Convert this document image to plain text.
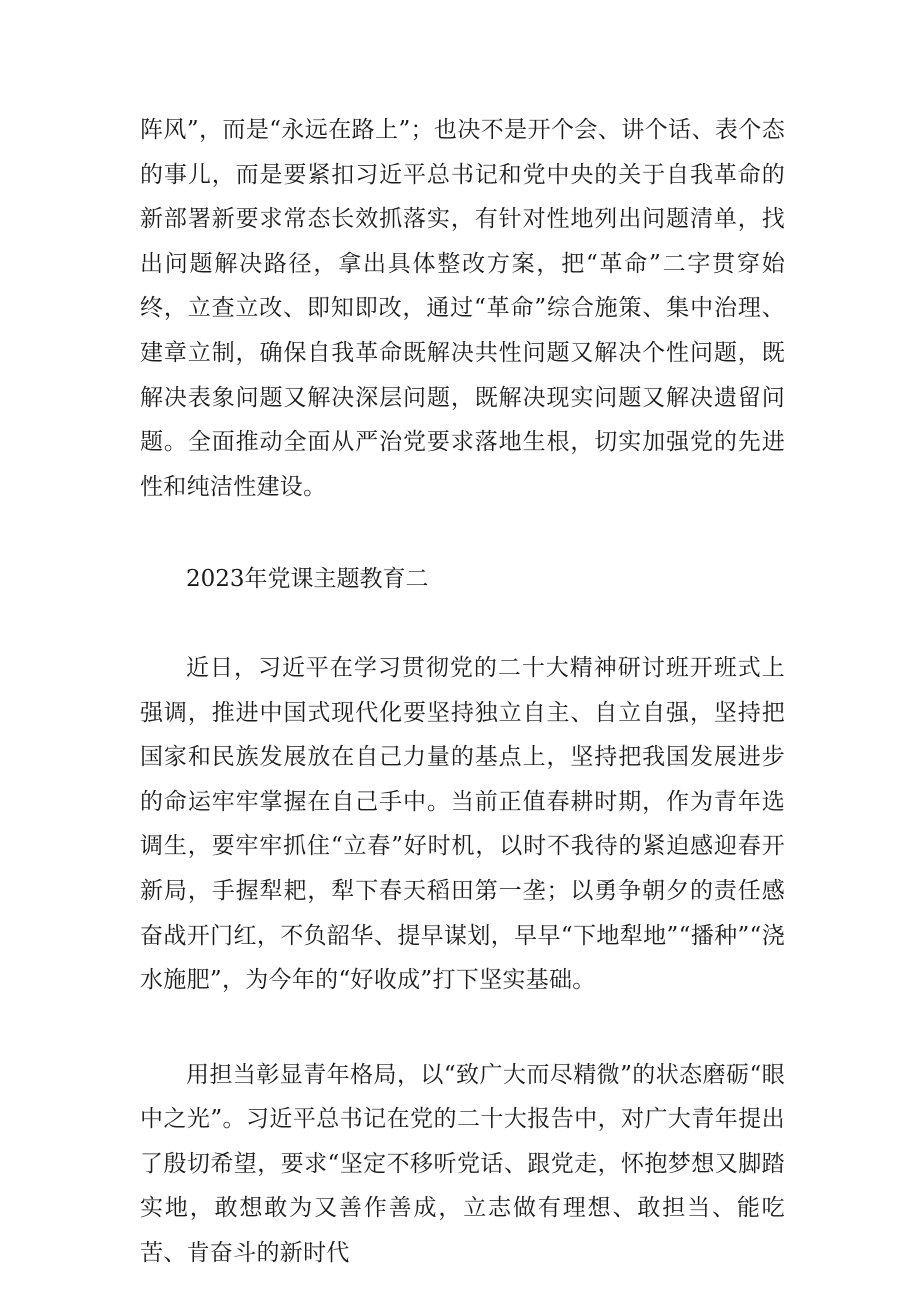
阵风”，而是“永远在路上”；也决不是开个会、讲个话、表个态的事儿，而是要紧扣习近平总书记和党中央的关于自我革命的新部署新要求常态长效抓落实，有针对性地列出问题清单，找出问题解决路径，拿出具体整改方案，把“革命”二字贯穿始终，立查立改、即知即改，通过“革命”综合施策、集中治理、建章立制，确保自我革命既解决共性问题又解决个性问题，既解决表象问题又解决深层问题，既解决现实问题又解决遗留问题。全面推动全面从严治党要求落地生根，切实加强党的先进性和纯洁性建设。

2023年党课主题教育二

近日，习近平在学习贯彻党的二十大精神研讨班开班式上强调，推进中国式现代化要坚持独立自主、自立自强，坚持把国家和民族发展放在自己力量的基点上，坚持把我国发展进步的命运牢牢掌握在自己手中。当前正值春耕时期，作为青年选调生，要牢牢抓住“立春”好时机，以时不我待的紧迫感迎春开新局，手握犁耙，犁下春天稻田第一垄；以勇争朝夕的责任感奋战开门红，不负韶华、提早谋划，早早“下地犁地”“播种”“浇水施肥”，为今年的“好收成”打下坚实基础。

用担当彰显青年格局，以“致广大而尽精微”的状态磨砺“眼中之光”。习近平总书记在党的二十大报告中，对广大青年提出了殷切希望，要求“坚定不移听党话、跟党走，怀抱梦想又脚踏实地，敢想敢为又善作善成，立志做有理想、敢担当、能吃苦、肯奋斗的新时代
